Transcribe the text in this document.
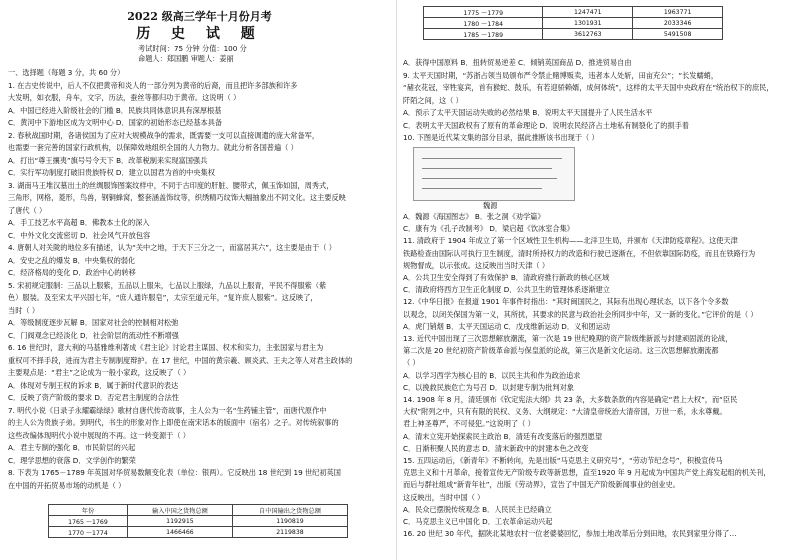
2022 级高三学年十月份月考
历 史 试 题
考试时间：75 分钟 分值：100 分
命题人：郑国鹏 审题人：姜丽
一、选择题（每题 3 分，共 60 分）
1. 在古史传说中，后人不仅把黄帝和炎人的一部分列为黄帝的后裔，而且把许多部族和许多
大发明，如衣服，舟车，文字，历法，蚕丝等都归功于黄帝。这说明（ ）
A．中国已经进入阶级社会的门槛 B．民族共同体意识具有深厚根基
C．黄河中下游地区成为文明中心 D．国家的初始形态已经基本具备
2. 春秋战国时期，各诸侯国为了应对大规模战争的需求，既需要一支可以直接调遣的庞大常备军，
也需要一套完善的国家行政机构，以保障效地组织全国的人力物力。就此分析各国普遍（ ）
A．打出“尊王攘夷”旗号号令天下 B．改革税制来实现富国强兵
C．实行军功制度打破旧贵族特权 D．建立以国君为首的中央集权
3. 湖南马王堆汉墓出土的丝绸服饰图案纹样中，不同于古印度的肝脏、腰带式，佩玉饰如国，周秀式，
三角形，网格，菱形，鸟兽，钢铜蜂窝，整套涵盖饰纹等，织绣精巧纹饰大幅抽象出不同文化。这主要反映
了唐代（ ）
A．手工技艺水平高超 B．佛教本土化的深入
C．中外文化交流密切 D．社会风气开放包容
4. 唐朝人对关陇的地位多有描述，认为“关中之地，于天下三分之一，而富居其六”，这主要是由于（ ）
A．安史之乱的爆发 B．中央集权的弱化
C．经济格局的变化 D．政治中心的转移
5. 宋初规定服制：三品以上服紫，五品以上服朱，七品以上服绿，九品以上服青，平民不得服紫（紫
色）服装。及至宋太平兴国七年，“庶人通许服皂”，太宗至道元年，“复许庶人服紫”。这反映了，
当时（ ）
A．等级制度逐步瓦解 B．国家对社会的控制相对松弛
C．门阀观念已经淡化 D．社会阶层的流动性不断增强
6. 16 世纪时，意大利的马基雅维利著成《君主论》讨论君主谋国、权术和实力，主张国家与君主为
重权可不择手段，进而为君主专制制度辩护。在 17 世纪，中国的黄宗羲、顾炎武、王夫之等人对君主政体的
主要观点是：“君主”之论成为一般小家政，这反映了（ ）
A．体现对专制王权的诉求 B．属于新时代意识的表达
C．反映了资产阶级的要求 D．否定君主制度的合法性
7. 明代小说《日录子永耀霸绿绿》歌材自唐代传奇故事，主人公为一名“生药铺主管”，而唐代原作中
的主人公为贵族子弟。到明代，书生的形象对作上即使在南宋话本的版面中（宿名）之子。对传统叙事的
这些改编体现明代小说中展现的不再。这一转变源于（ ）
A．君主专制的强化 B．市民阶层的兴起
C．理学思想的衰落 D．文学创作的繁荣
8. 下表为 1765－1789 年英国对华贸易数额变化表（单位：银两）。它反映出 18 世纪到 19 世纪初英国
在中国的开拓贸易市场的动机是（ ）
年份	输入中国之货物总额	自中国输出之货物总额
1765 ～1769	1192915	1190819
1770 ～1774	1466466	2119838
1775 ～1779	1247471	1963771
1780 ～1784	1301931	2033346
1785 ～1789	3612763	5491508
A．获得中国原料 B．扭转贸易逆差 C．倾销英国商品 D．推进贸易自由
9. 太平天国时期，“苏浙占领当局颁布严令禁止赌博贩卖，违者本人处斩，田亩充公”；“长发蠕蛸，
“赭衣花冠，宰牲宴宾，首有猴蛇、鼓乐，有若迎骄赖婿，成何体统”，这样的太平天国中央政府在“统治权下的庶民，
阡陌之间，这（ ）
A．预示了太平天国运动失败的必然结果 B．说明太平天国提升了人民生活水平
C．表明太平天国政权有了原有的革命理论 D．说明农民经济占土地私有制裂化了的损手着
10. 下图是近代某文集的部分目录，据此推断该书出现于（ ）
魏源
A．魏源《海国图志》 B．张之洞《劝学篇》
C．康有为《孔子改制考》 D．梁启超《饮冰室合集》
11. 清政府于 1904 年成立了第一个区域性卫生机构——北洋卫生局，并颁布《天津防疫章程》。这使天津
铁路检查由国际认可执行卫生制度，清时所持权力的改造和行驶已逐渐在，不但依靠国际防疫，而且在铁路行为
规物督成，以示张成。这反映出当时天津（ ）
A．公共卫生安全得到了有效保护 B．清政府推行新政的核心区域
C．清政府将西方卫生正化制度 D．公共卫生的管理体系逐渐建立
12.《中华日报》在报道 1901 年事件时指出：“其时闽国民之，其际有出现心理状态，以下各个令多数
以观念，以闭关保国为第一义，其所扰，其要求的民意与政治社会所同步中年，又一新的变化。”它评价的是（ ）
A．虎门销烟 B．太平天国运动 C．戊戌维新运动 D．义和团运动
13. 近代中国出现了三次思想解放潮流，第一次是 19 世纪晚期的资产阶级维新派与封建顽固派的论战，
第二次是 20 世纪初资产阶级革命派与保皇派的论战，第三次是新文化运动。这三次思想解放潮流都
（ ）
A．以学习西学为核心目的 B．以民主共和作为政治追求
C．以挽救民族危亡为号召 D．以封建专制为批判对象
14. 1908 年 8 月，清廷颁布《钦定宪法大纲》共 23 条，大多数条款的内容是确定“君上大权”，而“臣民
大权”附列之中，只有有限的民权、义务、大纲规定：“大清皇帝统治大清帝国，万世一系，永永尊戴。
君上神圣尊严，不可侵犯。”这说明了（ ）
A．清末立宪开始探索民主政治 B．清廷有改变落后的强烈愿望
C．日渐积聚人民的意志 D．清末新政中的封建本色之改变
15. 五四运动后，《新青年》不断转向，先是出版“马克思主义研究号”，“劳动节纪念号”，积极宣传马
克思主义和十月革命，接着宣传无产阶级专政等新思想，直至1920 年 9 月起成为中国共产党上海发起组的机关刊，
而后与群社组成“新青年社”，出版《劳动界》，宣告了中国无产阶级新闻事业的创业史。
这反映出，当时中国（ ）
A．民众已摆脱传统观念 B．人民民主已经确立
C．马克思主义已中国化 D．工农革命运动兴起
16. 20 世纪 30 年代，据陕北某地农村一位老婆婆回忆，参加土地改革后分到田地，农民到家里分得了…
